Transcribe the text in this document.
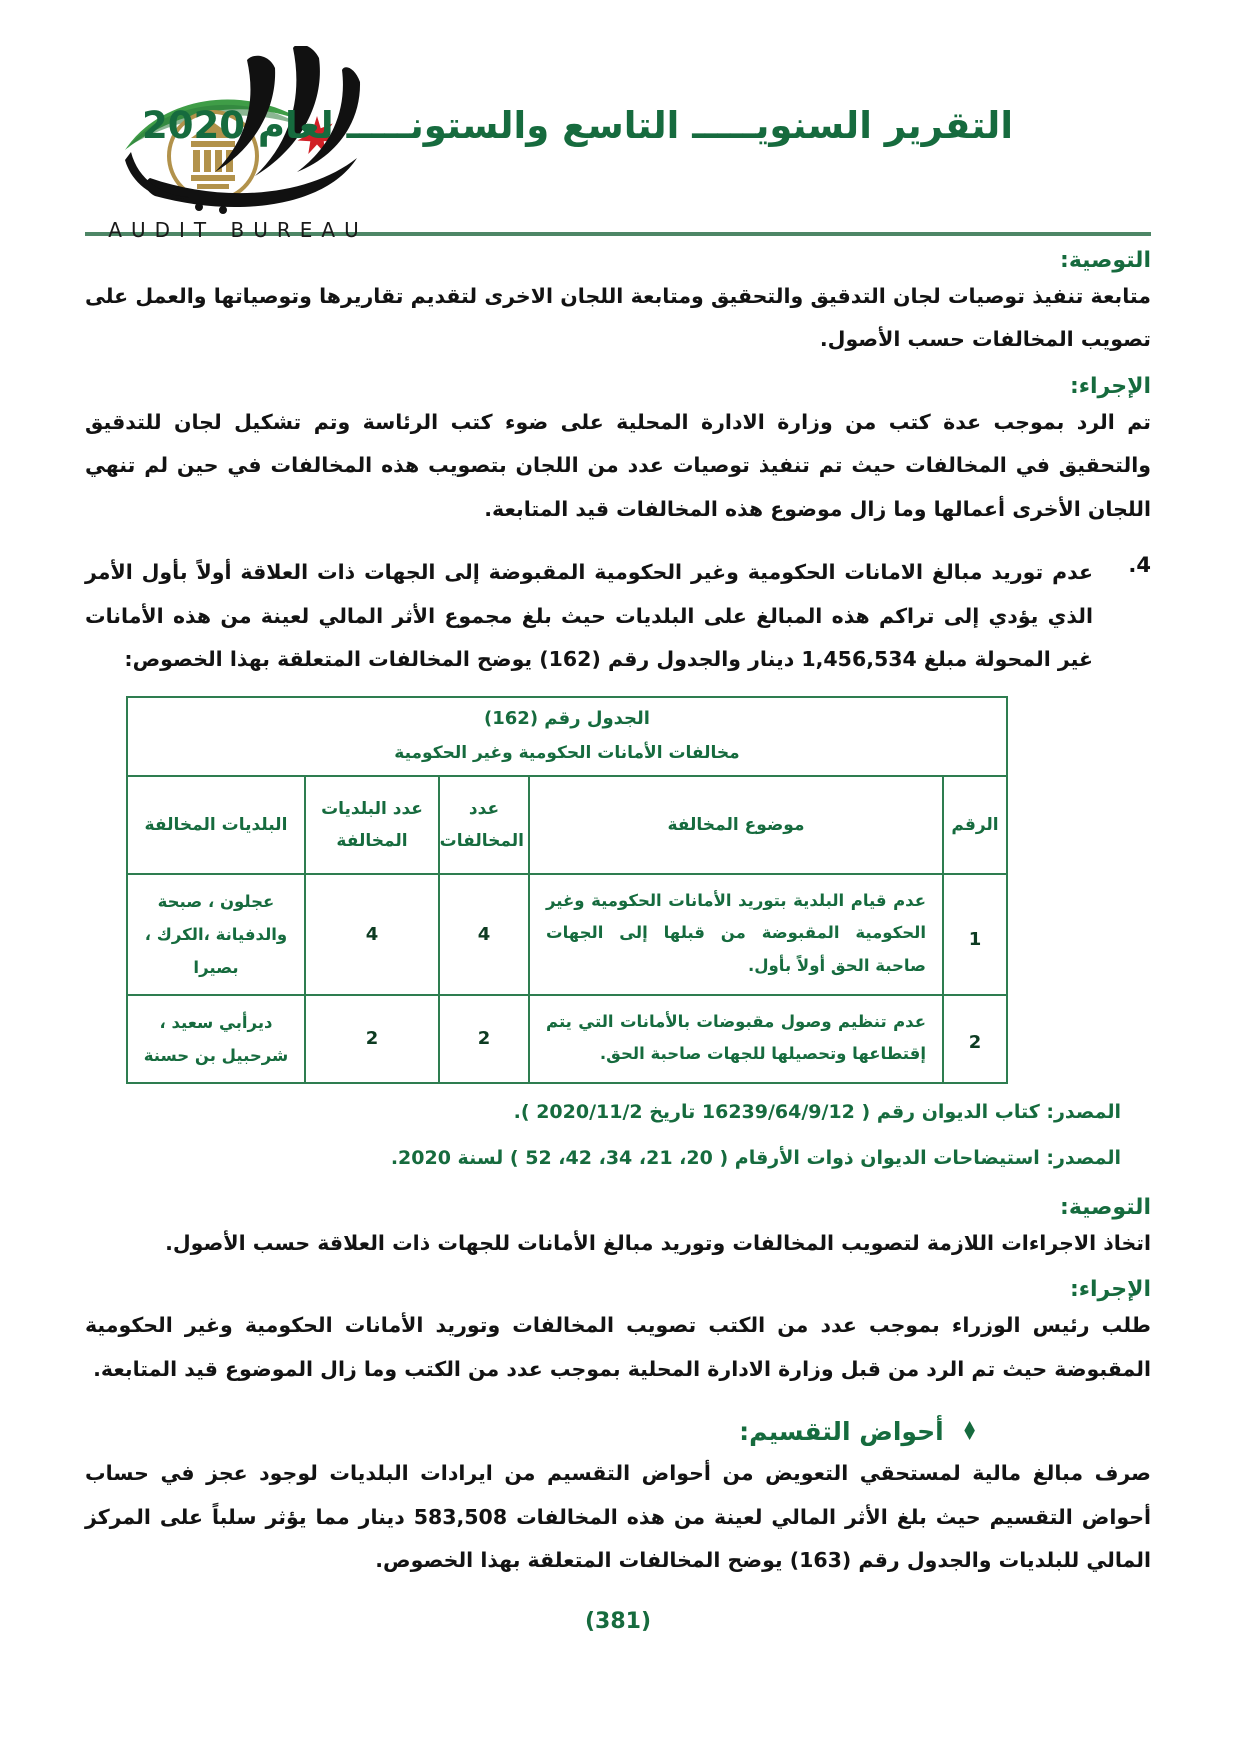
AUDIT BUREAU
التقرير السنويـــــ التاسع والستونـــــ لعام 2020
التوصية:
متابعة تنفيذ توصيات لجان التدقيق والتحقيق ومتابعة اللجان الاخرى لتقديم تقاريرها وتوصياتها والعمل على تصويب المخالفات حسب الأصول.
الإجراء:
تم الرد بموجب عدة كتب من وزارة الادارة المحلية على ضوء كتب الرئاسة وتم تشكيل لجان للتدقيق والتحقيق في المخالفات حيث تم تنفيذ توصيات عدد من اللجان بتصويب هذه المخالفات في حين لم تنهي اللجان الأخرى أعمالها وما زال موضوع هذه المخالفات قيد المتابعة.
4.
عدم توريد مبالغ الامانات الحكومية وغير الحكومية المقبوضة إلى الجهات ذات العلاقة أولاً بأول الأمر الذي يؤدي إلى تراكم هذه المبالغ على البلديات حيث بلغ مجموع الأثر المالي لعينة من هذه الأمانات غير المحولة مبلغ 1,456,534 دينار والجدول رقم (162) يوضح المخالفات المتعلقة بهذا الخصوص:
الجدول رقم (162)
مخالفات الأمانات الحكومية وغير الحكومية				

الرقم	موضوع المخالفة	عدد المخالفات	عدد البلديات المخالفة	البلديات المخالفة
1	عدم قيام البلدية بتوريد الأمانات الحكومية وغير الحكومية المقبوضة من قبلها إلى الجهات صاحبة الحق أولاً بأول.	4	4	عجلون ، صبحة والدفيانة ،الكرك ، بصيرا
2	عدم تنظيم وصول مقبوضات بالأمانات التي يتم إقتطاعها وتحصيلها للجهات صاحبة الحق.	2	2	ديرأبي سعيد ، شرحبيل بن حسنة
المصدر: كتاب الديوان رقم ( 16239/64/9/12 تاريخ 2020/11/2 ).
المصدر: استيضاحات الديوان ذوات الأرقام ( 20، 21، 34، 42، 52 ) لسنة 2020.
التوصية:
اتخاذ الاجراءات اللازمة لتصويب المخالفات وتوريد مبالغ الأمانات للجهات ذات العلاقة حسب الأصول.
الإجراء:
طلب رئيس الوزراء بموجب عدد من الكتب تصويب المخالفات وتوريد الأمانات الحكومية وغير الحكومية المقبوضة حيث تم الرد من قبل وزارة الادارة المحلية بموجب عدد من الكتب وما زال الموضوع قيد المتابعة.
♦
أحواض التقسيم:
صرف مبالغ مالية لمستحقي التعويض من أحواض التقسيم من ايرادات البلديات لوجود عجز في حساب أحواض التقسيم حيث بلغ الأثر المالي لعينة من هذه المخالفات 583,508 دينار مما يؤثر سلباً على المركز المالي للبلديات والجدول رقم (163) يوضح المخالفات المتعلقة بهذا الخصوص.
(381)
